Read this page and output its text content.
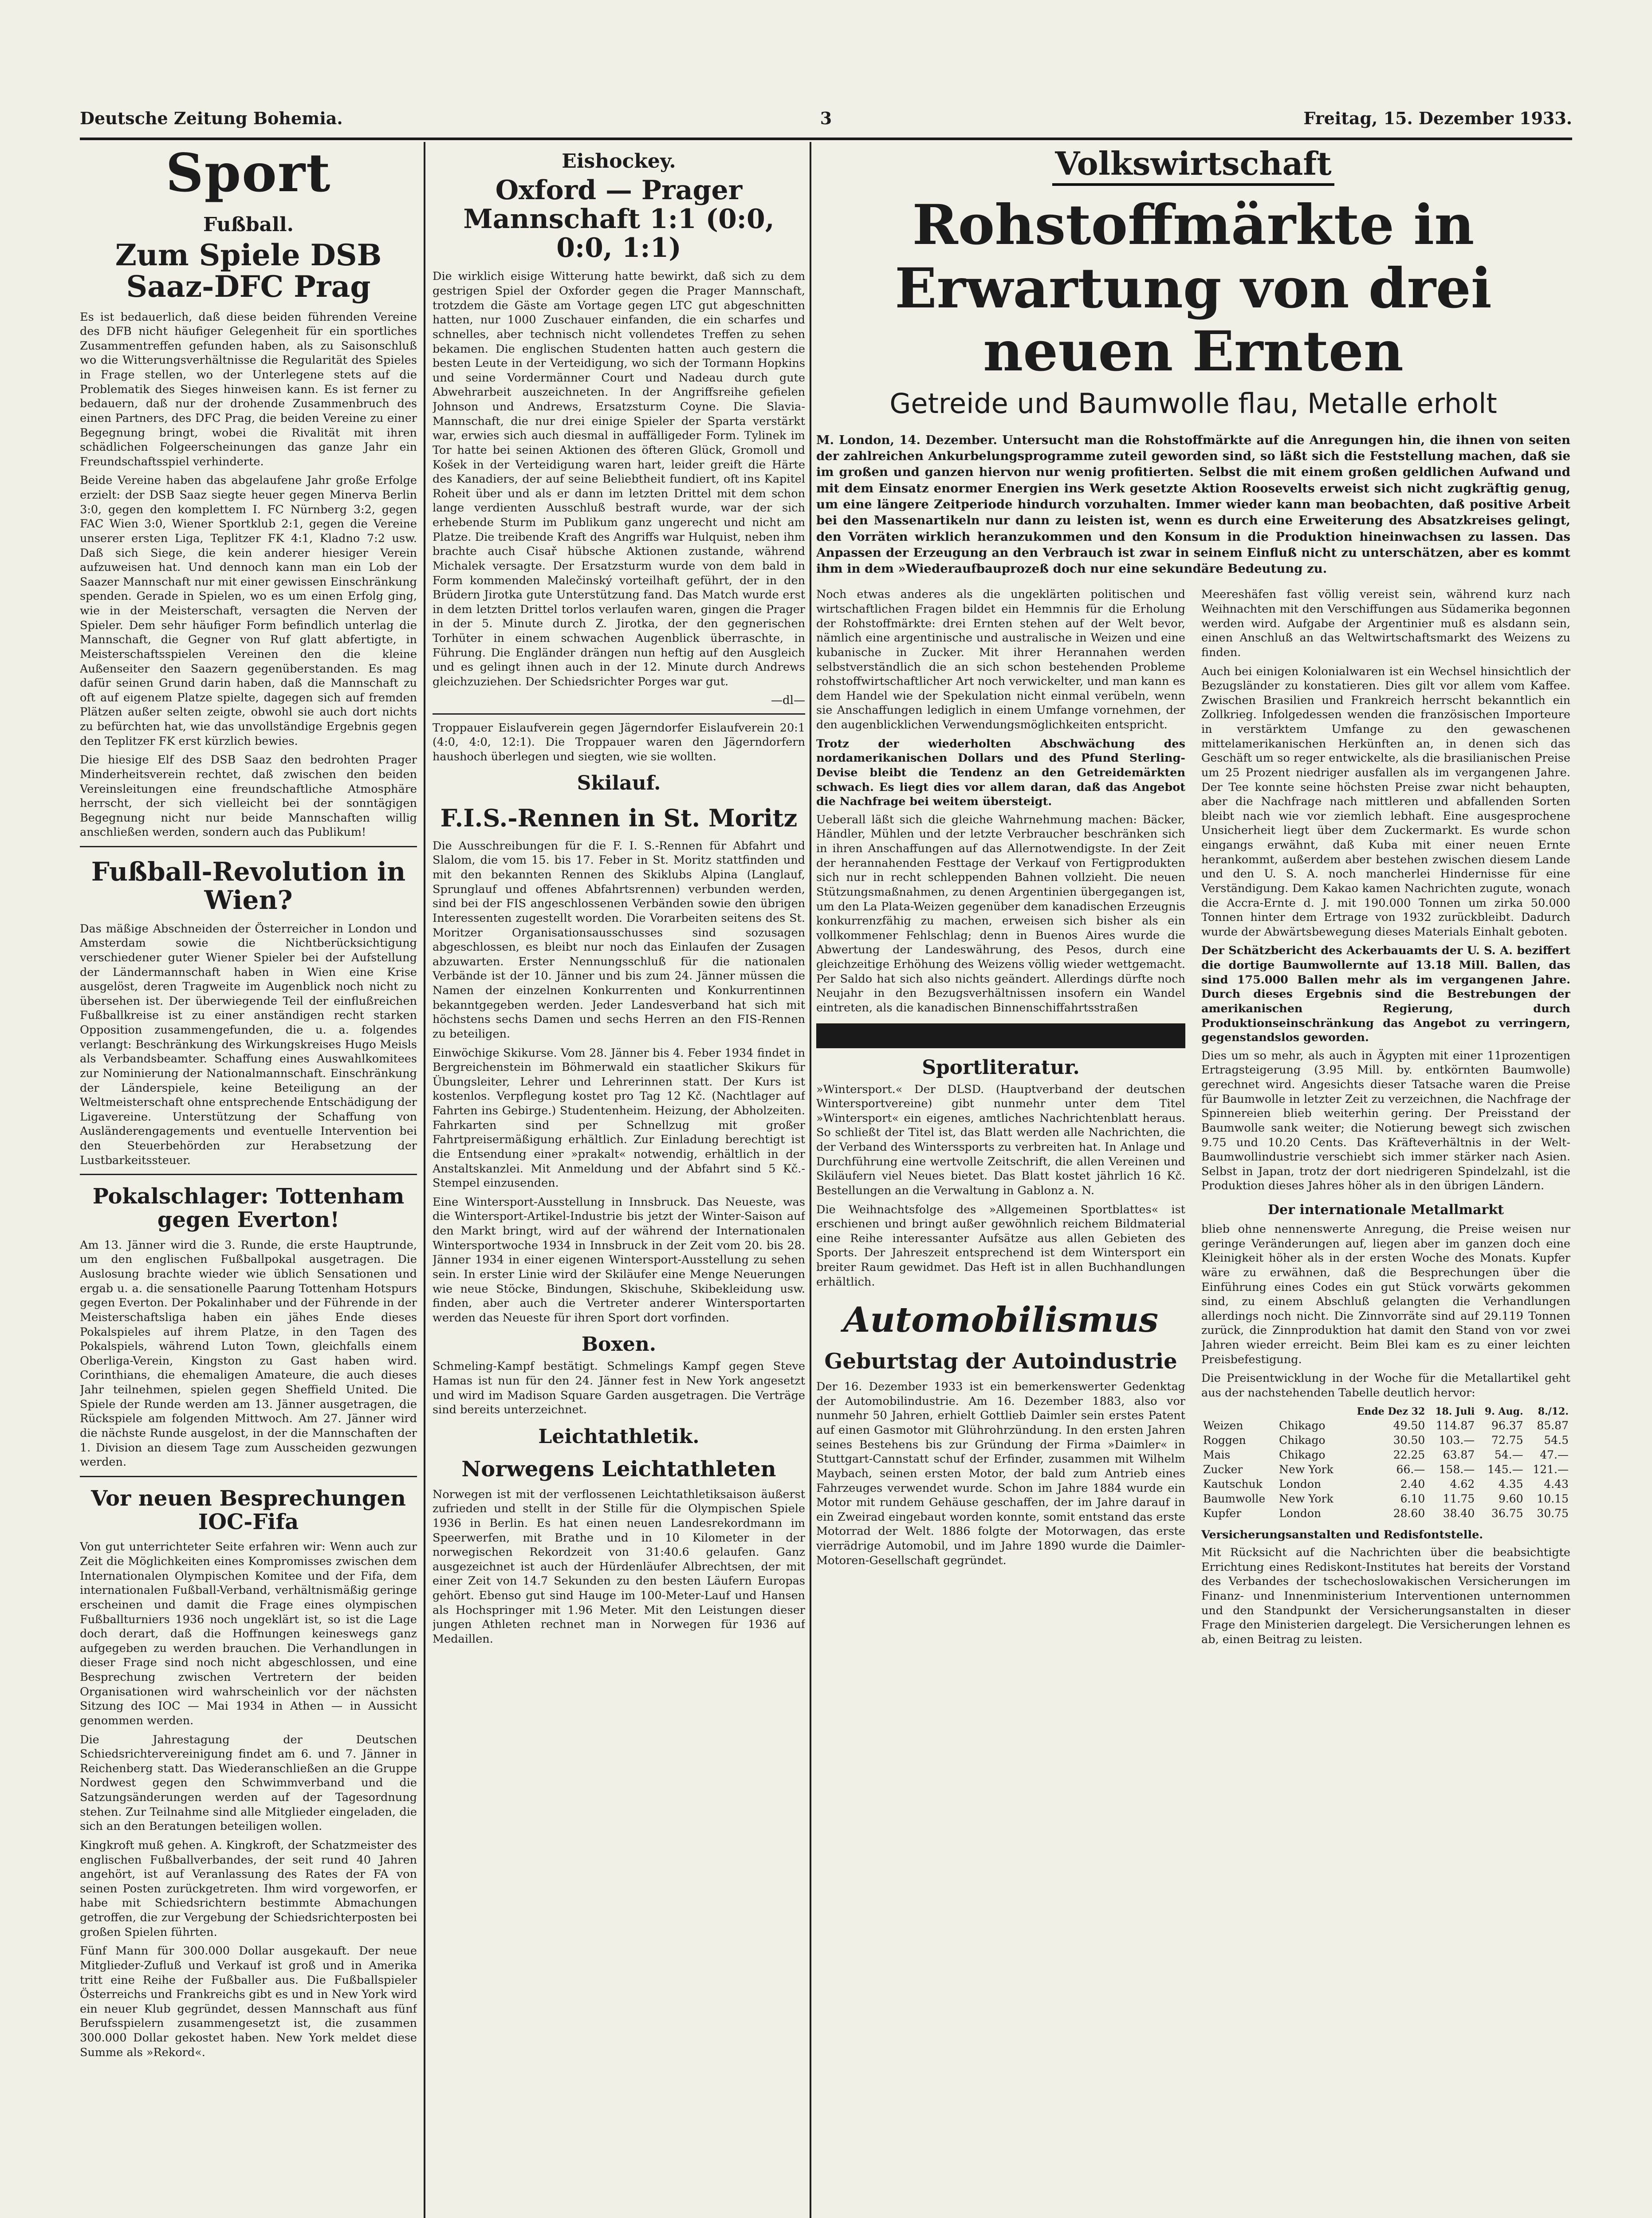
Deutsche Zeitung Bohemia.	3	Freitag, 15. Dezember 1933.
Sport
Fußball.
Zum Spiele DSB Saaz-DFC Prag

Es ist bedauerlich, daß diese beiden führenden Vereine des DFB nicht häufiger Gelegenheit für ein sportliches Zusammentreffen gefunden haben, als zu Saisonschluß wo die Witterungsverhältnisse die Regularität des Spieles in Frage stellen, wo der Unterlegene stets auf die Problematik des Sieges hinweisen kann. Es ist ferner zu bedauern, daß nur der drohende Zusammenbruch des einen Partners, des DFC Prag, die beiden Vereine zu einer Begegnung bringt, wobei die Rivalität mit ihren schädlichen Folgeerscheinungen das ganze Jahr ein Freundschaftsspiel verhinderte.

Beide Vereine haben das abgelaufene Jahr große Erfolge erzielt: der DSB Saaz siegte heuer gegen Minerva Berlin 3:0, gegen den komplettem I. FC Nürnberg 3:2, gegen FAC Wien 3:0, Wiener Sportklub 2:1, gegen die Vereine unserer ersten Liga, Teplitzer FK 4:1, Kladno 7:2 usw. Daß sich Siege, die kein anderer hiesiger Verein aufzuweisen hat. Und dennoch kann man ein Lob der Saazer Mannschaft nur mit einer gewissen Einschränkung spenden. Gerade in Spielen, wo es um einen Erfolg ging, wie in der Meisterschaft, versagten die Nerven der Spieler. Dem sehr häufiger Form befindlich unterlag die Mannschaft, die Gegner von Ruf glatt abfertigte, in Meisterschaftsspielen Vereinen den die kleine Außenseiter den Saazern gegenüberstanden. Es mag dafür seinen Grund darin haben, daß die Mannschaft zu oft auf eigenem Platze spielte, dagegen sich auf fremden Plätzen außer selten zeigte, obwohl sie auch dort nichts zu befürchten hat, wie das unvollständige Ergebnis gegen den Teplitzer FK erst kürzlich bewies.

Die hiesige Elf des DSB Saaz den bedrohten Prager Minderheitsverein rechtet, daß zwischen den beiden Vereinsleitungen eine freundschaftliche Atmosphäre herrscht, der sich vielleicht bei der sonntägigen Begegnung nicht nur beide Mannschaften willig anschließen werden, sondern auch das Publikum!

Fußball-Revolution in Wien?

Das mäßige Abschneiden der Österreicher in London und Amsterdam sowie die Nichtberücksichtigung verschiedener guter Wiener Spieler bei der Aufstellung der Ländermannschaft haben in Wien eine Krise ausgelöst, deren Tragweite im Augenblick noch nicht zu übersehen ist. Der überwiegende Teil der einflußreichen Fußballkreise ist zu einer anständigen recht starken Opposition zusammengefunden, die u. a. folgendes verlangt: Beschränkung des Wirkungskreises Hugo Meisls als Verbandsbeamter. Schaffung eines Auswahlkomitees zur Nominierung der Nationalmannschaft. Einschränkung der Länderspiele, keine Beteiligung an der Weltmeisterschaft ohne entsprechende Entschädigung der Ligavereine. Unterstützung der Schaffung von Ausländerengagements und eventuelle Intervention bei den Steuerbehörden zur Herabsetzung der Lustbarkeitssteuer.

Pokalschlager: Tottenham gegen Everton!

Am 13. Jänner wird die 3. Runde, die erste Hauptrunde, um den englischen Fußballpokal ausgetragen. Die Auslosung brachte wieder wie üblich Sensationen und ergab u. a. die sensationelle Paarung Tottenham Hotspurs gegen Everton. Der Pokalinhaber und der Führende in der Meisterschaftsliga haben ein jähes Ende dieses Pokalspieles auf ihrem Platze, in den Tagen des Pokalspiels, während Luton Town, gleichfalls einem Oberliga-Verein, Kingston zu Gast haben wird. Corinthians, die ehemaligen Amateure, die auch dieses Jahr teilnehmen, spielen gegen Sheffield United. Die Spiele der Runde werden am 13. Jänner ausgetragen, die Rückspiele am folgenden Mittwoch. Am 27. Jänner wird die nächste Runde ausgelost, in der die Mannschaften der 1. Division an diesem Tage zum Ausscheiden gezwungen werden.

Vor neuen Besprechungen IOC-Fifa

Von gut unterrichteter Seite erfahren wir: Wenn auch zur Zeit die Möglichkeiten eines Kompromisses zwischen dem Internationalen Olympischen Komitee und der Fifa, dem internationalen Fußball-Verband, verhältnismäßig geringe erscheinen und damit die Frage eines olympischen Fußballturniers 1936 noch ungeklärt ist, so ist die Lage doch derart, daß die Hoffnungen keineswegs ganz aufgegeben zu werden brauchen. Die Verhandlungen in dieser Frage sind noch nicht abgeschlossen, und eine Besprechung zwischen Vertretern der beiden Organisationen wird wahrscheinlich vor der nächsten Sitzung des IOC — Mai 1934 in Athen — in Aussicht genommen werden.

Die Jahrestagung der Deutschen Schiedsrichtervereinigung findet am 6. und 7. Jänner in Reichenberg statt. Das Wiederanschließen an die Gruppe Nordwest gegen den Schwimmverband und die Satzungsänderungen werden auf der Tagesordnung stehen. Zur Teilnahme sind alle Mitglieder eingeladen, die sich an den Beratungen beteiligen wollen.

Kingkroft muß gehen. A. Kingkroft, der Schatzmeister des englischen Fußballverbandes, der seit rund 40 Jahren angehört, ist auf Veranlassung des Rates der FA von seinen Posten zurückgetreten. Ihm wird vorgeworfen, er habe mit Schiedsrichtern bestimmte Abmachungen getroffen, die zur Vergebung der Schiedsrichterposten bei großen Spielen führten.

Fünf Mann für 300.000 Dollar ausgekauft. Der neue Mitglieder-Zufluß und Verkauf ist groß und in Amerika tritt eine Reihe der Fußballer aus. Die Fußballspieler Österreichs und Frankreichs gibt es und in New York wird ein neuer Klub gegründet, dessen Mannschaft aus fünf Berufsspielern zusammengesetzt ist, die zusammen 300.000 Dollar gekostet haben. New York meldet diese Summe als »Rekord«.

Eishockey.
Oxford — Prager Mannschaft 1:1 (0:0, 0:0, 1:1)

Die wirklich eisige Witterung hatte bewirkt, daß sich zu dem gestrigen Spiel der Oxforder gegen die Prager Mannschaft, trotzdem die Gäste am Vortage gegen LTC gut abgeschnitten hatten, nur 1000 Zuschauer einfanden, die ein scharfes und schnelles, aber technisch nicht vollendetes Treffen zu sehen bekamen. Die englischen Studenten hatten auch gestern die besten Leute in der Verteidigung, wo sich der Tormann Hopkins und seine Vordermänner Court und Nadeau durch gute Abwehrarbeit auszeichneten. In der Angriffsreihe gefielen Johnson und Andrews, Ersatzsturm Coyne. Die Slavia-Mannschaft, die nur drei einige Spieler der Sparta verstärkt war, erwies sich auch diesmal in auffälligeder Form. Tylinek im Tor hatte bei seinen Aktionen des öfteren Glück, Gromoll und Košek in der Verteidigung waren hart, leider greift die Härte des Kanadiers, der auf seine Beliebtheit fundiert, oft ins Kapitel Roheit über und als er dann im letzten Drittel mit dem schon lange verdienten Ausschluß bestraft wurde, war der sich erhebende Sturm im Publikum ganz ungerecht und nicht am Platze. Die treibende Kraft des Angriffs war Hulquist, neben ihm brachte auch Cisař hübsche Aktionen zustande, während Michalek versagte. Der Ersatzsturm wurde von dem bald in Form kommenden Malečinský vorteilhaft geführt, der in den Brüdern Jirotka gute Unterstützung fand. Das Match wurde erst in dem letzten Drittel torlos verlaufen waren, gingen die Prager in der 5. Minute durch Z. Jirotka, der den gegnerischen Torhüter in einem schwachen Augenblick überraschte, in Führung. Die Engländer drängen nun heftig auf den Ausgleich und es gelingt ihnen auch in der 12. Minute durch Andrews gleichzuziehen. Der Schiedsrichter Porges war gut.

—dl—

Troppauer Eislaufverein gegen Jägerndorfer Eislaufverein 20:1 (4:0, 4:0, 12:1). Die Troppauer waren den Jägerndorfern haushoch überlegen und siegten, wie sie wollten.

Skilauf.
F.I.S.-Rennen in St. Moritz

Die Ausschreibungen für die F. I. S.-Rennen für Abfahrt und Slalom, die vom 15. bis 17. Feber in St. Moritz stattfinden und mit den bekannten Rennen des Skiklubs Alpina (Langlauf, Sprunglauf und offenes Abfahrtsrennen) verbunden werden, sind bei der FIS angeschlossenen Verbänden sowie den übrigen Interessenten zugestellt worden. Die Vorarbeiten seitens des St. Moritzer Organisationsausschusses sind sozusagen abgeschlossen, es bleibt nur noch das Einlaufen der Zusagen abzuwarten. Erster Nennungsschluß für die nationalen Verbände ist der 10. Jänner und bis zum 24. Jänner müssen die Namen der einzelnen Konkurrenten und Konkurrentinnen bekanntgegeben werden. Jeder Landesverband hat sich mit höchstens sechs Damen und sechs Herren an den FIS-Rennen zu beteiligen.

Einwöchige Skikurse. Vom 28. Jänner bis 4. Feber 1934 findet in Bergreichenstein im Böhmerwald ein staatlicher Skikurs für Übungsleiter, Lehrer und Lehrerinnen statt. Der Kurs ist kostenlos. Verpflegung kostet pro Tag 12 Kč. (Nachtlager auf Fahrten ins Gebirge.) Studentenheim. Heizung, der Abholzeiten. Fahrkarten sind per Schnellzug mit großer Fahrtpreisermäßigung erhältlich. Zur Einladung berechtigt ist die Entsendung einer »prakalt« notwendig, erhältlich in der Anstaltskanzlei. Mit Anmeldung und der Abfahrt sind 5 Kč.-Stempel einzusenden.

Eine Wintersport-Ausstellung in Innsbruck. Das Neueste, was die Wintersport-Artikel-Industrie bis jetzt der Winter-Saison auf den Markt bringt, wird auf der während der Internationalen Wintersportwoche 1934 in Innsbruck in der Zeit vom 20. bis 28. Jänner 1934 in einer eigenen Wintersport-Ausstellung zu sehen sein. In erster Linie wird der Skiläufer eine Menge Neuerungen wie neue Stöcke, Bindungen, Skischuhe, Skibekleidung usw. finden, aber auch die Vertreter anderer Wintersportarten werden das Neueste für ihren Sport dort vorfinden.

Boxen.

Schmeling-Kampf bestätigt. Schmelings Kampf gegen Steve Hamas ist nun für den 24. Jänner fest in New York angesetzt und wird im Madison Square Garden ausgetragen. Die Verträge sind bereits unterzeichnet.

Leichtathletik.
Norwegens Leichtathleten

Norwegen ist mit der verflossenen Leichtathletiksaison äußerst zufrieden und stellt in der Stille für die Olympischen Spiele 1936 in Berlin. Es hat einen neuen Landesrekordmann im Speerwerfen, mit Brathe und in 10 Kilometer in der norwegischen Rekordzeit von 31:40.6 gelaufen. Ganz ausgezeichnet ist auch der Hürdenläufer Albrechtsen, der mit einer Zeit von 14.7 Sekunden zu den besten Läufern Europas gehört. Ebenso gut sind Hauge im 100-Meter-Lauf und Hansen als Hochspringer mit 1.96 Meter. Mit den Leistungen dieser jungen Athleten rechnet man in Norwegen für 1936 auf Medaillen.

Volkswirtschaft
Rohstoffmärkte in Erwartung von drei neuen Ernten
Getreide und Baumwolle flau, Metalle erholt

M. London, 14. Dezember. Untersucht man die Rohstoffmärkte auf die Anregungen hin, die ihnen von seiten der zahlreichen Ankurbelungsprogramme zuteil geworden sind, so läßt sich die Feststellung machen, daß sie im großen und ganzen hiervon nur wenig profitierten. Selbst die mit einem großen geldlichen Aufwand und mit dem Einsatz enormer Energien ins Werk gesetzte Aktion Roosevelts erweist sich nicht zugkräftig genug, um eine längere Zeitperiode hindurch vorzuhalten. Immer wieder kann man beobachten, daß positive Arbeit bei den Massenartikeln nur dann zu leisten ist, wenn es durch eine Erweiterung des Absatzkreises gelingt, den Vorräten wirklich heranzukommen und den Konsum in die Produktion hineinwachsen zu lassen. Das Anpassen der Erzeugung an den Verbrauch ist zwar in seinem Einfluß nicht zu unterschätzen, aber es kommt ihm in dem »Wiederaufbauprozeß doch nur eine sekundäre Bedeutung zu.

Noch etwas anderes als die ungeklärten politischen und wirtschaftlichen Fragen bildet ein Hemmnis für die Erholung der Rohstoffmärkte: drei Ernten stehen auf der Welt bevor, nämlich eine argentinische und australische in Weizen und eine kubanische in Zucker. Mit ihrer Herannahen werden selbstverständlich die an sich schon bestehenden Probleme rohstoffwirtschaftlicher Art noch verwickelter, und man kann es dem Handel wie der Spekulation nicht einmal verübeln, wenn sie Anschaffungen lediglich in einem Umfange vornehmen, der den augenblicklichen Verwendungsmöglichkeiten entspricht.

Trotz der wiederholten Abschwächung des nordamerikanischen Dollars und des Pfund Sterling-Devise bleibt die Tendenz an den Getreidemärkten schwach. Es liegt dies vor allem daran, daß das Angebot die Nachfrage bei weitem übersteigt.

Ueberall läßt sich die gleiche Wahrnehmung machen: Bäcker, Händler, Mühlen und der letzte Verbraucher beschränken sich in ihren Anschaffungen auf das Allernotwendigste. In der Zeit der herannahenden Festtage der Verkauf von Fertigprodukten sich nur in recht schleppenden Bahnen vollzieht. Die neuen Stützungsmaßnahmen, zu denen Argentinien übergegangen ist, um den La Plata-Weizen gegenüber dem kanadischen Erzeugnis konkurrenzfähig zu machen, erweisen sich bisher als ein vollkommener Fehlschlag; denn in Buenos Aires wurde die Abwertung der Landeswährung, des Pesos, durch eine gleichzeitige Erhöhung des Weizens völlig wieder wettgemacht. Per Saldo hat sich also nichts geändert. Allerdings dürfte noch Neujahr in den Bezugsverhältnissen insofern ein Wandel eintreten, als die kanadischen Binnenschiffahrtsstraßen

Sportliteratur.

»Wintersport.« Der DLSD. (Hauptverband der deutschen Wintersportvereine) gibt nunmehr unter dem Titel »Wintersport« ein eigenes, amtliches Nachrichtenblatt heraus. So schließt der Titel ist, das Blatt werden alle Nachrichten, die der Verband des Winterssports zu verbreiten hat. In Anlage und Durchführung eine wertvolle Zeitschrift, die allen Vereinen und Skiläufern viel Neues bietet. Das Blatt kostet jährlich 16 Kč. Bestellungen an die Verwaltung in Gablonz a. N.

Die Weihnachtsfolge des »Allgemeinen Sportblattes« ist erschienen und bringt außer gewöhnlich reichem Bildmaterial eine Reihe interessanter Aufsätze aus allen Gebieten des Sports. Der Jahreszeit entsprechend ist dem Wintersport ein breiter Raum gewidmet. Das Heft ist in allen Buchhandlungen erhältlich.

Automobilismus
Geburtstag der Autoindustrie

Der 16. Dezember 1933 ist ein bemerkenswerter Gedenktag der Automobilindustrie. Am 16. Dezember 1883, also vor nunmehr 50 Jahren, erhielt Gottlieb Daimler sein erstes Patent auf einen Gasmotor mit Glührohrzündung. In den ersten Jahren seines Bestehens bis zur Gründung der Firma »Daimler« in Stuttgart-Cannstatt schuf der Erfinder, zusammen mit Wilhelm Maybach, seinen ersten Motor, der bald zum Antrieb eines Fahrzeuges verwendet wurde. Schon im Jahre 1884 wurde ein Motor mit rundem Gehäuse geschaffen, der im Jahre darauf in ein Zweirad eingebaut worden konnte, somit entstand das erste Motorrad der Welt. 1886 folgte der Motorwagen, das erste vierrädrige Automobil, und im Jahre 1890 wurde die Daimler-Motoren-Gesellschaft gegründet.

Meereshäfen fast völlig vereist sein, während kurz nach Weihnachten mit den Verschiffungen aus Südamerika begonnen werden wird. Aufgabe der Argentinier muß es alsdann sein, einen Anschluß an das Weltwirtschaftsmarkt des Weizens zu finden.

Auch bei einigen Kolonialwaren ist ein Wechsel hinsichtlich der Bezugsländer zu konstatieren. Dies gilt vor allem vom Kaffee. Zwischen Brasilien und Frankreich herrscht bekanntlich ein Zollkrieg. Infolgedessen wenden die französischen Importeure in verstärktem Umfange zu den gewaschenen mittelamerikanischen Herkünften an, in denen sich das Geschäft um so reger entwickelte, als die brasilianischen Preise um 25 Prozent niedriger ausfallen als im vergangenen Jahre. Der Tee konnte seine höchsten Preise zwar nicht behaupten, aber die Nachfrage nach mittleren und abfallenden Sorten bleibt nach wie vor ziemlich lebhaft. Eine ausgesprochene Unsicherheit liegt über dem Zuckermarkt. Es wurde schon eingangs erwähnt, daß Kuba mit einer neuen Ernte herankommt, außerdem aber bestehen zwischen diesem Lande und den U. S. A. noch mancherlei Hindernisse für eine Verständigung. Dem Kakao kamen Nachrichten zugute, wonach die Accra-Ernte d. J. mit 190.000 Tonnen um zirka 50.000 Tonnen hinter dem Ertrage von 1932 zurückbleibt. Dadurch wurde der Abwärtsbewegung dieses Materials Einhalt geboten.

Der Schätzbericht des Ackerbauamts der U. S. A. beziffert die dortige Baumwollernte auf 13.18 Mill. Ballen, das sind 175.000 Ballen mehr als im vergangenen Jahre. Durch dieses Ergebnis sind die Bestrebungen der amerikanischen Regierung, durch Produktionseinschränkung das Angebot zu verringern, gegenstandslos geworden.

Dies um so mehr, als auch in Ägypten mit einer 11prozentigen Ertragsteigerung (3.95 Mill. by. entkörnten Baumwolle) gerechnet wird. Angesichts dieser Tatsache waren die Preise für Baumwolle in letzter Zeit zu verzeichnen, die Nachfrage der Spinnereien blieb weiterhin gering. Der Preisstand der Baumwolle sank weiter; die Notierung bewegt sich zwischen 9.75 und 10.20 Cents. Das Kräfteverhältnis in der Welt-Baumwollindustrie verschiebt sich immer stärker nach Asien. Selbst in Japan, trotz der dort niedrigeren Spindelzahl, ist die Produktion dieses Jahres höher als in den übrigen Ländern.

Der internationale Metallmarkt

blieb ohne nennenswerte Anregung, die Preise weisen nur geringe Veränderungen auf, liegen aber im ganzen doch eine Kleinigkeit höher als in der ersten Woche des Monats. Kupfer wäre zu erwähnen, daß die Besprechungen über die Einführung eines Codes ein gut Stück vorwärts gekommen sind, zu einem Abschluß gelangten die Verhandlungen allerdings noch nicht. Die Zinnvorräte sind auf 29.119 Tonnen zurück, die Zinnproduktion hat damit den Stand von vor zwei Jahren wieder erreicht. Beim Blei kam es zu einer leichten Preisbefestigung.

Die Preisentwicklung in der Woche für die Metallartikel geht aus der nachstehenden Tabelle deutlich hervor:

		Ende Dez 32	18. Juli	9. Aug.	8./12.
Weizen	Chikago	49.50	114.87	96.37	85.87
Roggen	Chikago	30.50	103.—	72.75	54.5
Mais	Chikago	22.25	63.87	54.—	47.—
Zucker	New York	66.—	158.—	145.—	121.—
Kautschuk	London	2.40	4.62	4.35	4.43
Baumwolle	New York	6.10	11.75	9.60	10.15
Kupfer	London	28.60	38.40	36.75	30.75

Versicherungsanstalten und Redisfontstelle.

Mit Rücksicht auf die Nachrichten über die beabsichtigte Errichtung eines Rediskont-Institutes hat bereits der Vorstand des Verbandes der tschechoslowakischen Versicherungen im Finanz- und Innenministerium Interventionen unternommen und den Standpunkt der Versicherungsanstalten in dieser Frage den Ministerien dargelegt. Die Versicherungen lehnen es ab, einen Beitrag zu leisten.
